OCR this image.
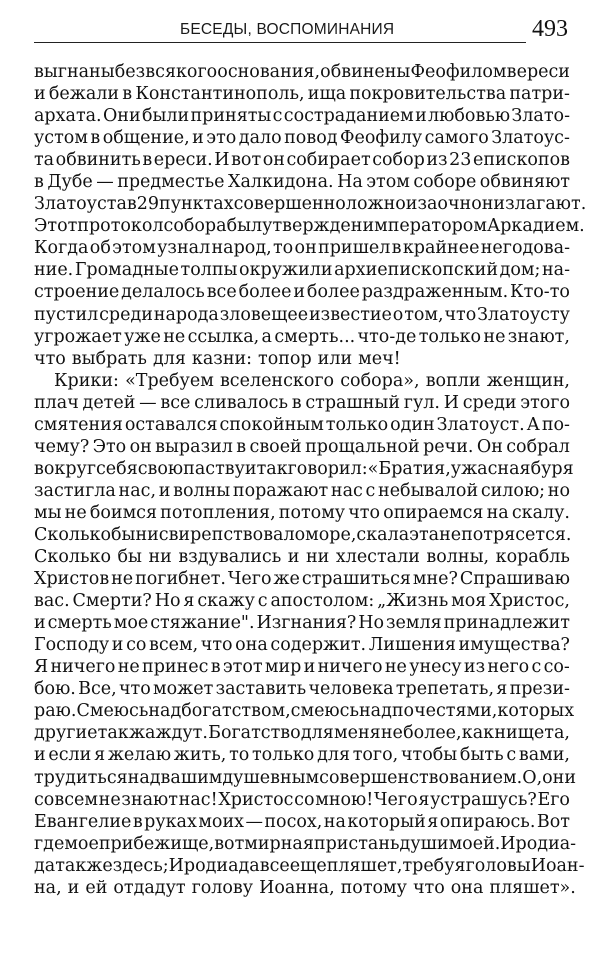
БЕСЕДЫ, ВОСПОМИНАНИЯ	493
выгнаны без всякого основания, обвинены Феофилом в ереси
и бежали в Константинополь, ища покровительства патри-
арxата. Они были приняты с состраданием и любовью Злато-
устом в общение, и это дало повод Феофилу самого Златоус-
та обвинить в ереси. И вот он собирает собор из 23 епископов
в Дубе — предместье Халкидона. На этом соборе обвиняют
Златоуста в 29 пунктах совершенно ложно и заочно низлагают.
Этот протокол собора был утвержден императором Аркадием.
Когда об этом узнал народ, то он пришел в крайнее негодова-
ние. Громадные толпы окружили архиепископский дом; на-
строение делалось все более и более раздраженным. Кто-то
пустил среди народа зловещее известие о том, что Златоусту
угрожает уже не ссылка, а смерть... что-де только не знают,
что выбрать для казни: топор или меч!
Крики: «Требуем вселенского собора», вопли женщин,
плач детей — все сливалось в страшный гул. И среди этого
смятения оставался спокойным только один Златоуст. А по-
чему? Это он выразил в своей прощальной речи. Он собрал
вокруг себя свою паству и так говорил: «Братия, ужасная буря
застигла нас, и волны поражают нас с небывалой силою; но
мы не боимся потопления, потому что опираемся на скалу.
Сколько бы ни свирепствовало море, скала эта не потрясется.
Сколько бы ни вздувались и ни хлестали волны, корабль
Христов не погибнет. Чего же страшиться мне? Спрашиваю
вас. Смерти? Но я скажу с апостолом: „Жизнь моя Христос,
и смерть мое стяжание". Изгнания? Но земля принадлежит
Господу и со всем, что она содержит. Лишения имущества?
Я ничего не принес в этот мир и ничего не унесу из него с со-
бою. Все, что может заставить человека трепетать, я прези-
раю. Смеюсь над богатством, смеюсь над почестями, которых
другие так жаждут. Богатство для меня не более, как нищета,
и если я желаю жить, то только для того, чтобы быть с вами,
трудиться над вашим душевным совершенствованием. О, они
совсем не знают нас! Христос со мною! Чего я устрашусь? Его
Евангелие в руках моих — посох, на который я опираюсь. Вот
где мое прибежище, вот мирная пристань души моей. Иродиа-
да также здесь; Иродиада все еще пляшет, требуя головы Иоан-
на, и ей отдадут голову Иоанна, потому что она пляшет».
